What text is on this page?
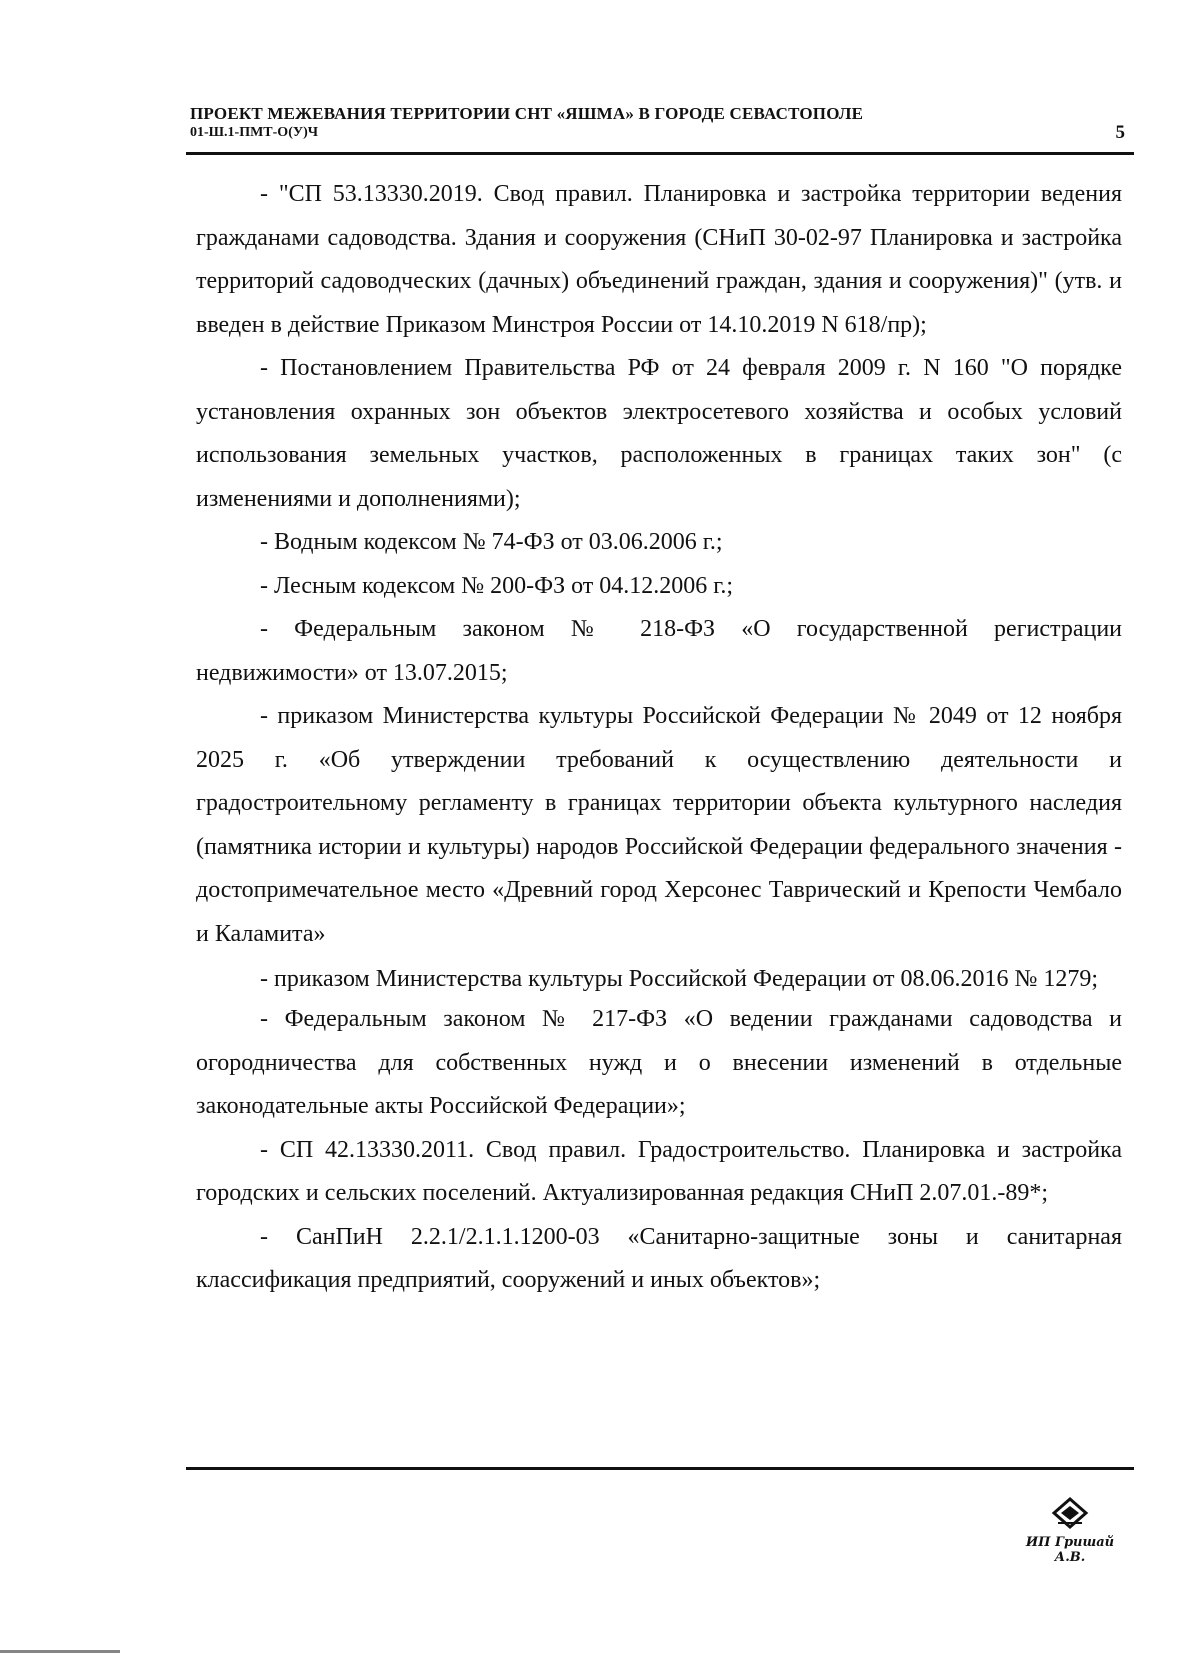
ПРОЕКТ МЕЖЕВАНИЯ ТЕРРИТОРИИ СНТ «ЯШМА» В ГОРОДЕ СЕВАСТОПОЛЕ
01-Ш.1-ПМТ-О(У)Ч	5

- "СП 53.13330.2019. Свод правил. Планировка и застройка территории ведения гражданами садоводства. Здания и сооружения (СНиП 30-02-97 Планировка и застройка территорий садоводческих (дачных) объединений граждан, здания и сооружения)" (утв. и введен в действие Приказом Минстроя России от 14.10.2019 N 618/пр);

- Постановлением Правительства РФ от 24 февраля 2009 г. N 160 "О порядке установления охранных зон объектов электросетевого хозяйства и особых условий использования земельных участков, расположенных в границах таких зон" (с изменениями и дополнениями);

- Водным кодексом № 74-ФЗ от 03.06.2006 г.;

- Лесным кодексом № 200-ФЗ от 04.12.2006 г.;

- Федеральным законом № 218-ФЗ «О государственной регистрации недвижимости» от 13.07.2015;

- приказом Министерства культуры Российской Федерации № 2049 от 12 ноября 2025 г. «Об утверждении требований к осуществлению деятельности и градостроительному регламенту в границах территории объекта культурного наследия (памятника истории и культуры) народов Российской Федерации федерального значения - достопримечательное место «Древний город Херсонес Таврический и Крепости Чембало и Каламита»

- приказом Министерства культуры Российской Федерации от 08.06.2016 № 1279;

- Федеральным законом № 217-ФЗ «О ведении гражданами садоводства и огородничества для собственных нужд и о внесении изменений в отдельные законодательные акты Российской Федерации»;

- СП 42.13330.2011. Свод правил. Градостроительство. Планировка и застройка городских и сельских поселений. Актуализированная редакция СНиП 2.07.01.-89*;

- СанПиН 2.2.1/2.1.1.1200-03 «Санитарно-защитные зоны и санитарная классификация предприятий, сооружений и иных объектов»;

ИП Гришай А.В.
